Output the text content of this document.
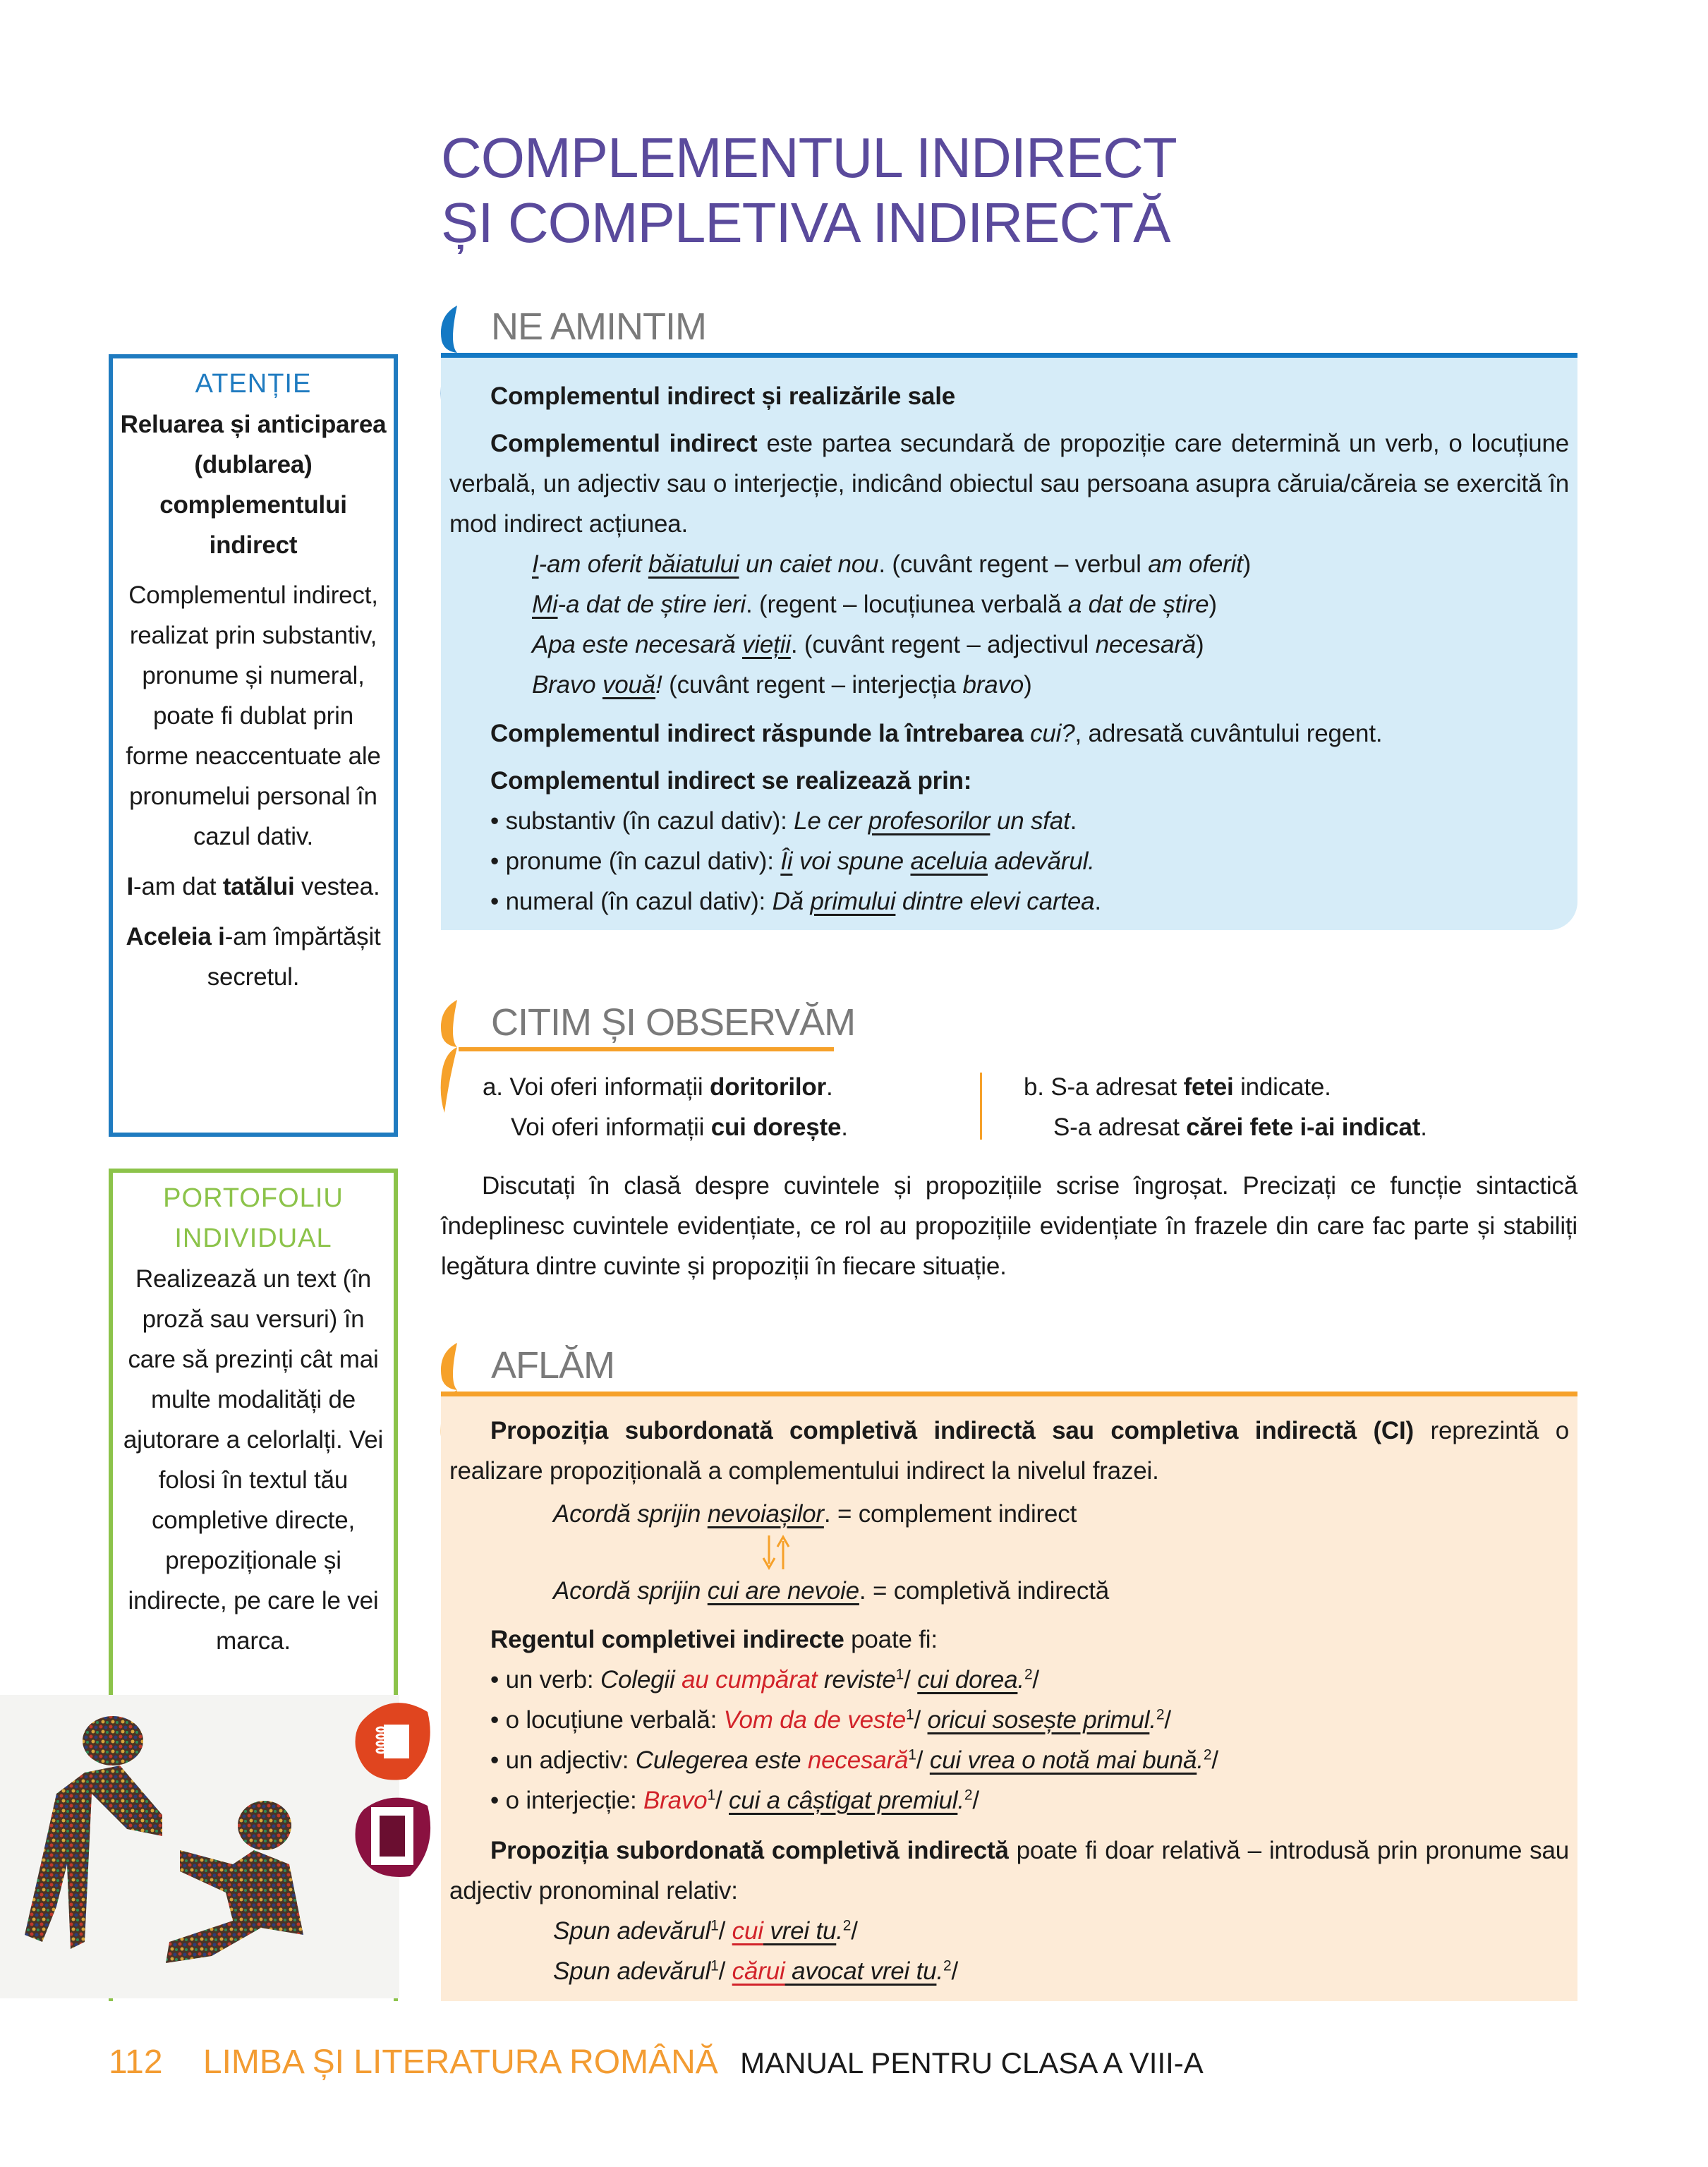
COMPLEMENTUL INDIRECT
ȘI COMPLETIVA INDIRECTĂ
ATENȚIE
Reluarea și anticiparea (dublarea) complementului indirect
Complementul indirect, realizat prin substantiv, pronume și numeral, poate fi dublat prin forme neaccentuate ale pronumelui personal în cazul dativ.
I-am dat tatălui vestea.
Aceleia i-am împărtășit secretul.
PORTOFOLIU
INDIVIDUAL
Realizează un text (în proză sau versuri) în care să prezinți cât mai multe modalități de ajutorare a celorlalți. Vei folosi în textul tău completive directe, prepoziționale și indirecte, pe care le vei marca.
NE AMINTIM
Complementul indirect și realizările sale
Complementul indirect este partea secundară de propoziție care determină un verb, o locuțiune verbală, un adjectiv sau o interjecție, indicând obiectul sau persoana asupra căruia/căreia se exercită în mod indirect acțiunea.
I-am oferit băiatului un caiet nou. (cuvânt regent – verbul am oferit)
Mi-a dat de știre ieri. (regent – locuțiunea verbală a dat de știre)
Apa este necesară vieții. (cuvânt regent – adjectivul necesară)
Bravo vouă! (cuvânt regent – interjecția bravo)
Complementul indirect răspunde la întrebarea cui?, adresată cuvântului regent.
Complementul indirect se realizează prin:
• substantiv (în cazul dativ): Le cer profesorilor un sfat.
• pronume (în cazul dativ): Îi voi spune aceluia adevărul.
• numeral (în cazul dativ): Dă primului dintre elevi cartea.
CITIM ȘI OBSERVĂM
a. Voi oferi informații doritorilor.
Voi oferi informații cui dorește.
b. S-a adresat fetei indicate.
S-a adresat cărei fete i-ai indicat.
Discutați în clasă despre cuvintele și propozițiile scrise îngroșat. Precizați ce funcție sintactică îndeplinesc cuvintele evidențiate, ce rol au propozițiile evidențiate în frazele din care fac parte și stabiliți legătura dintre cuvinte și propoziții în fiecare situație.
AFLĂM
Propoziția subordonată completivă indirectă sau completiva indirectă (CI) reprezintă o realizare propozițională a complementului indirect la nivelul frazei.
Acordă sprijin nevoiașilor. = complement indirect
Acordă sprijin cui are nevoie. = completivă indirectă
Regentul completivei indirecte poate fi:
• un verb: Colegii au cumpărat reviste$^1$/ cui dorea.$^2$/
• o locuțiune verbală: Vom da de veste$^1$/ oricui sosește primul.$^2$/
• un adjectiv: Culegerea este necesară$^1$/ cui vrea o notă mai bună.$^2$/
• o interjecție: Bravo$^1$/ cui a câștigat premiul.$^2$/
Propoziția subordonată completivă indirectă poate fi doar relativă – introdusă prin pronume sau adjectiv pronominal relativ:
Spun adevărul$^1$/ cui vrei tu.$^2$/
Spun adevărul$^1$/ cărui avocat vrei tu.$^2$/
112 LIMBA ȘI LITERATURA ROMÂNĂ MANUAL PENTRU CLASA A VIII-A
